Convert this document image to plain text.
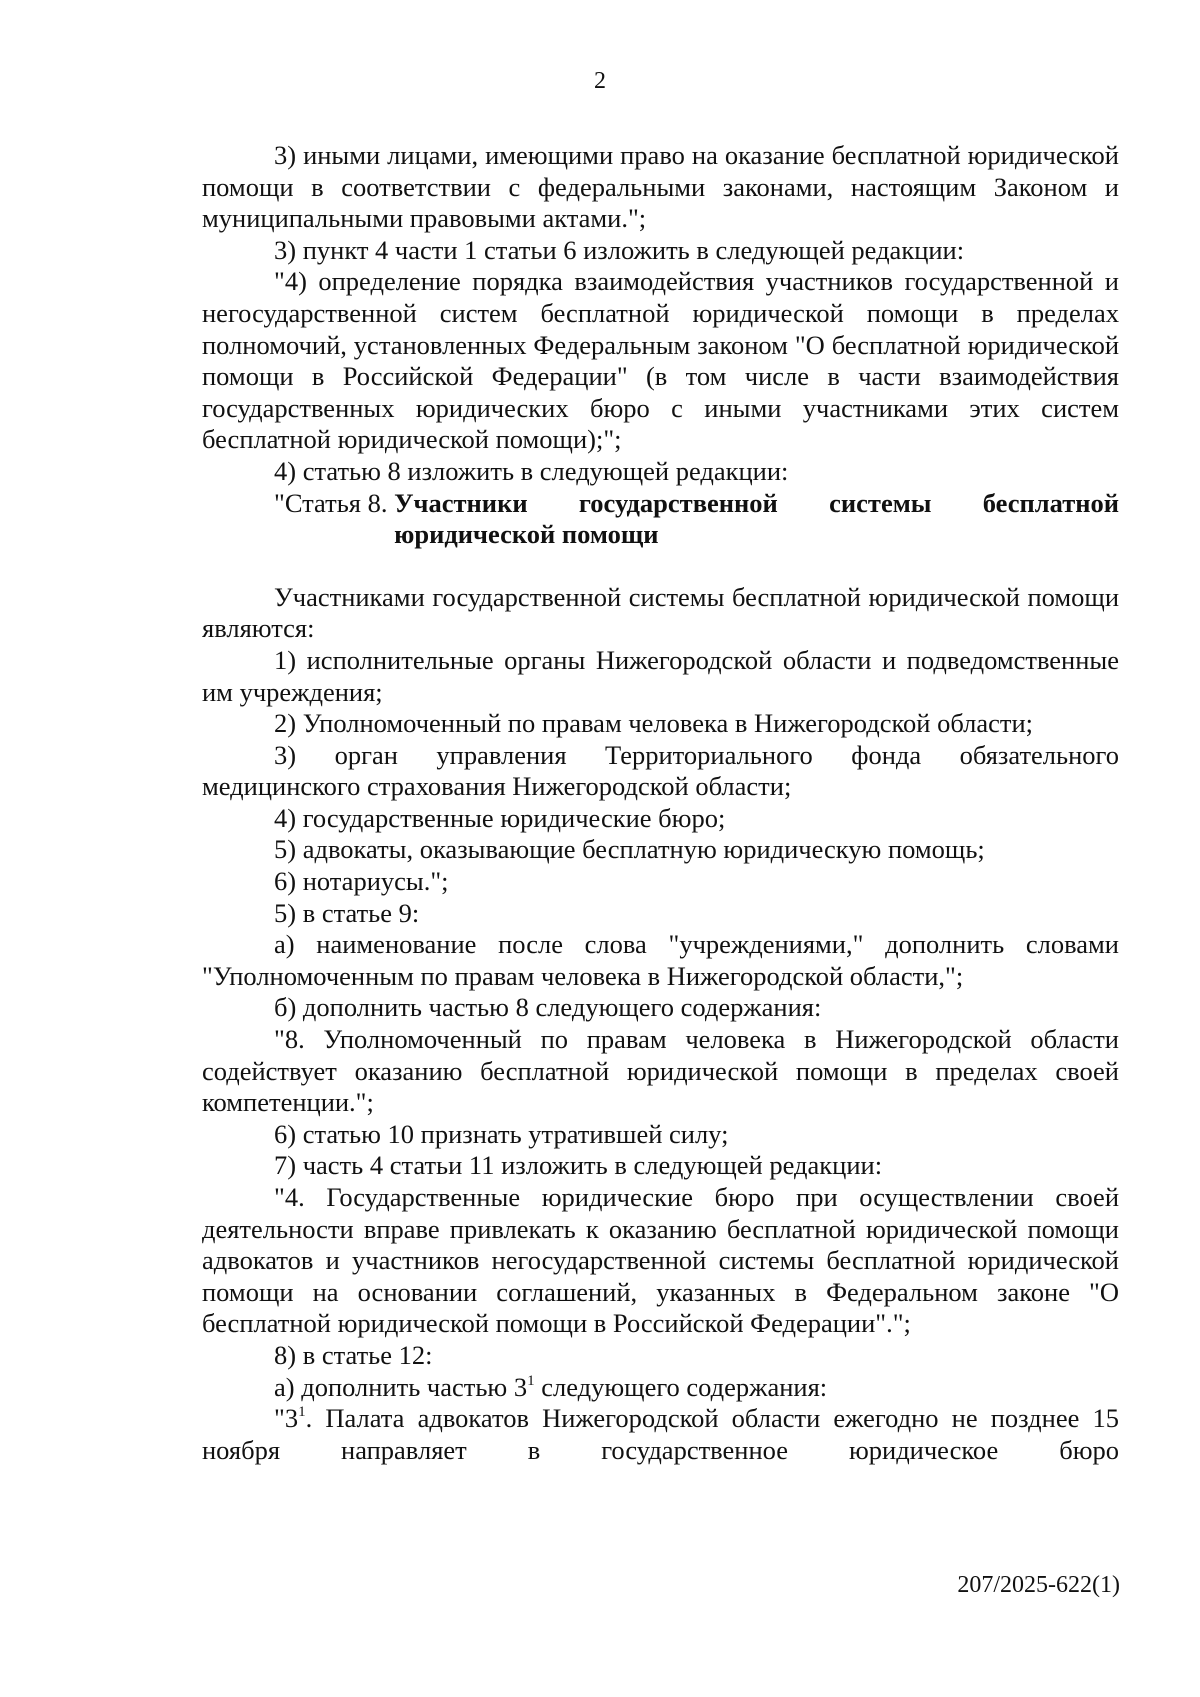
2

3) иными лицами, имеющими право на оказание бесплатной юридической помощи в соответствии с федеральными законами, настоящим Законом и муниципальными правовыми актами.";

3) пункт 4 части 1 статьи 6 изложить в следующей редакции:

"4) определение порядка взаимодействия участников государственной и негосударственной систем бесплатной юридической помощи в пределах полномочий, установленных Федеральным законом "О бесплатной юридической помощи в Российской Федерации" (в том числе в части взаимодействия государственных юридических бюро с иными участниками этих систем бесплатной юридической помощи);";

4) статью 8 изложить в следующей редакции:

"Статья 8. Участники государственной системы бесплатной юридической помощи

Участниками государственной системы бесплатной юридической помощи являются:

1) исполнительные органы Нижегородской области и подведомственные им учреждения;

2) Уполномоченный по правам человека в Нижегородской области;

3) орган управления Территориального фонда обязательного медицинского страхования Нижегородской области;

4) государственные юридические бюро;

5) адвокаты, оказывающие бесплатную юридическую помощь;

6) нотариусы.";

5) в статье 9:

а) наименование после слова "учреждениями," дополнить словами "Уполномоченным по правам человека в Нижегородской области,";

б) дополнить частью 8 следующего содержания:

"8. Уполномоченный по правам человека в Нижегородской области содействует оказанию бесплатной юридической помощи в пределах своей компетенции.";

6) статью 10 признать утратившей силу;

7) часть 4 статьи 11 изложить в следующей редакции:

"4. Государственные юридические бюро при осуществлении своей деятельности вправе привлекать к оказанию бесплатной юридической помощи адвокатов и участников негосударственной системы бесплатной юридической помощи на основании соглашений, указанных в Федеральном законе "О бесплатной юридической помощи в Российской Федерации".";

8) в статье 12:

а) дополнить частью $3^1$ следующего содержания:

"$3^1$. Палата адвокатов Нижегородской области ежегодно не позднее 15 ноября направляет в государственное юридическое бюро

207/2025-622(1)
